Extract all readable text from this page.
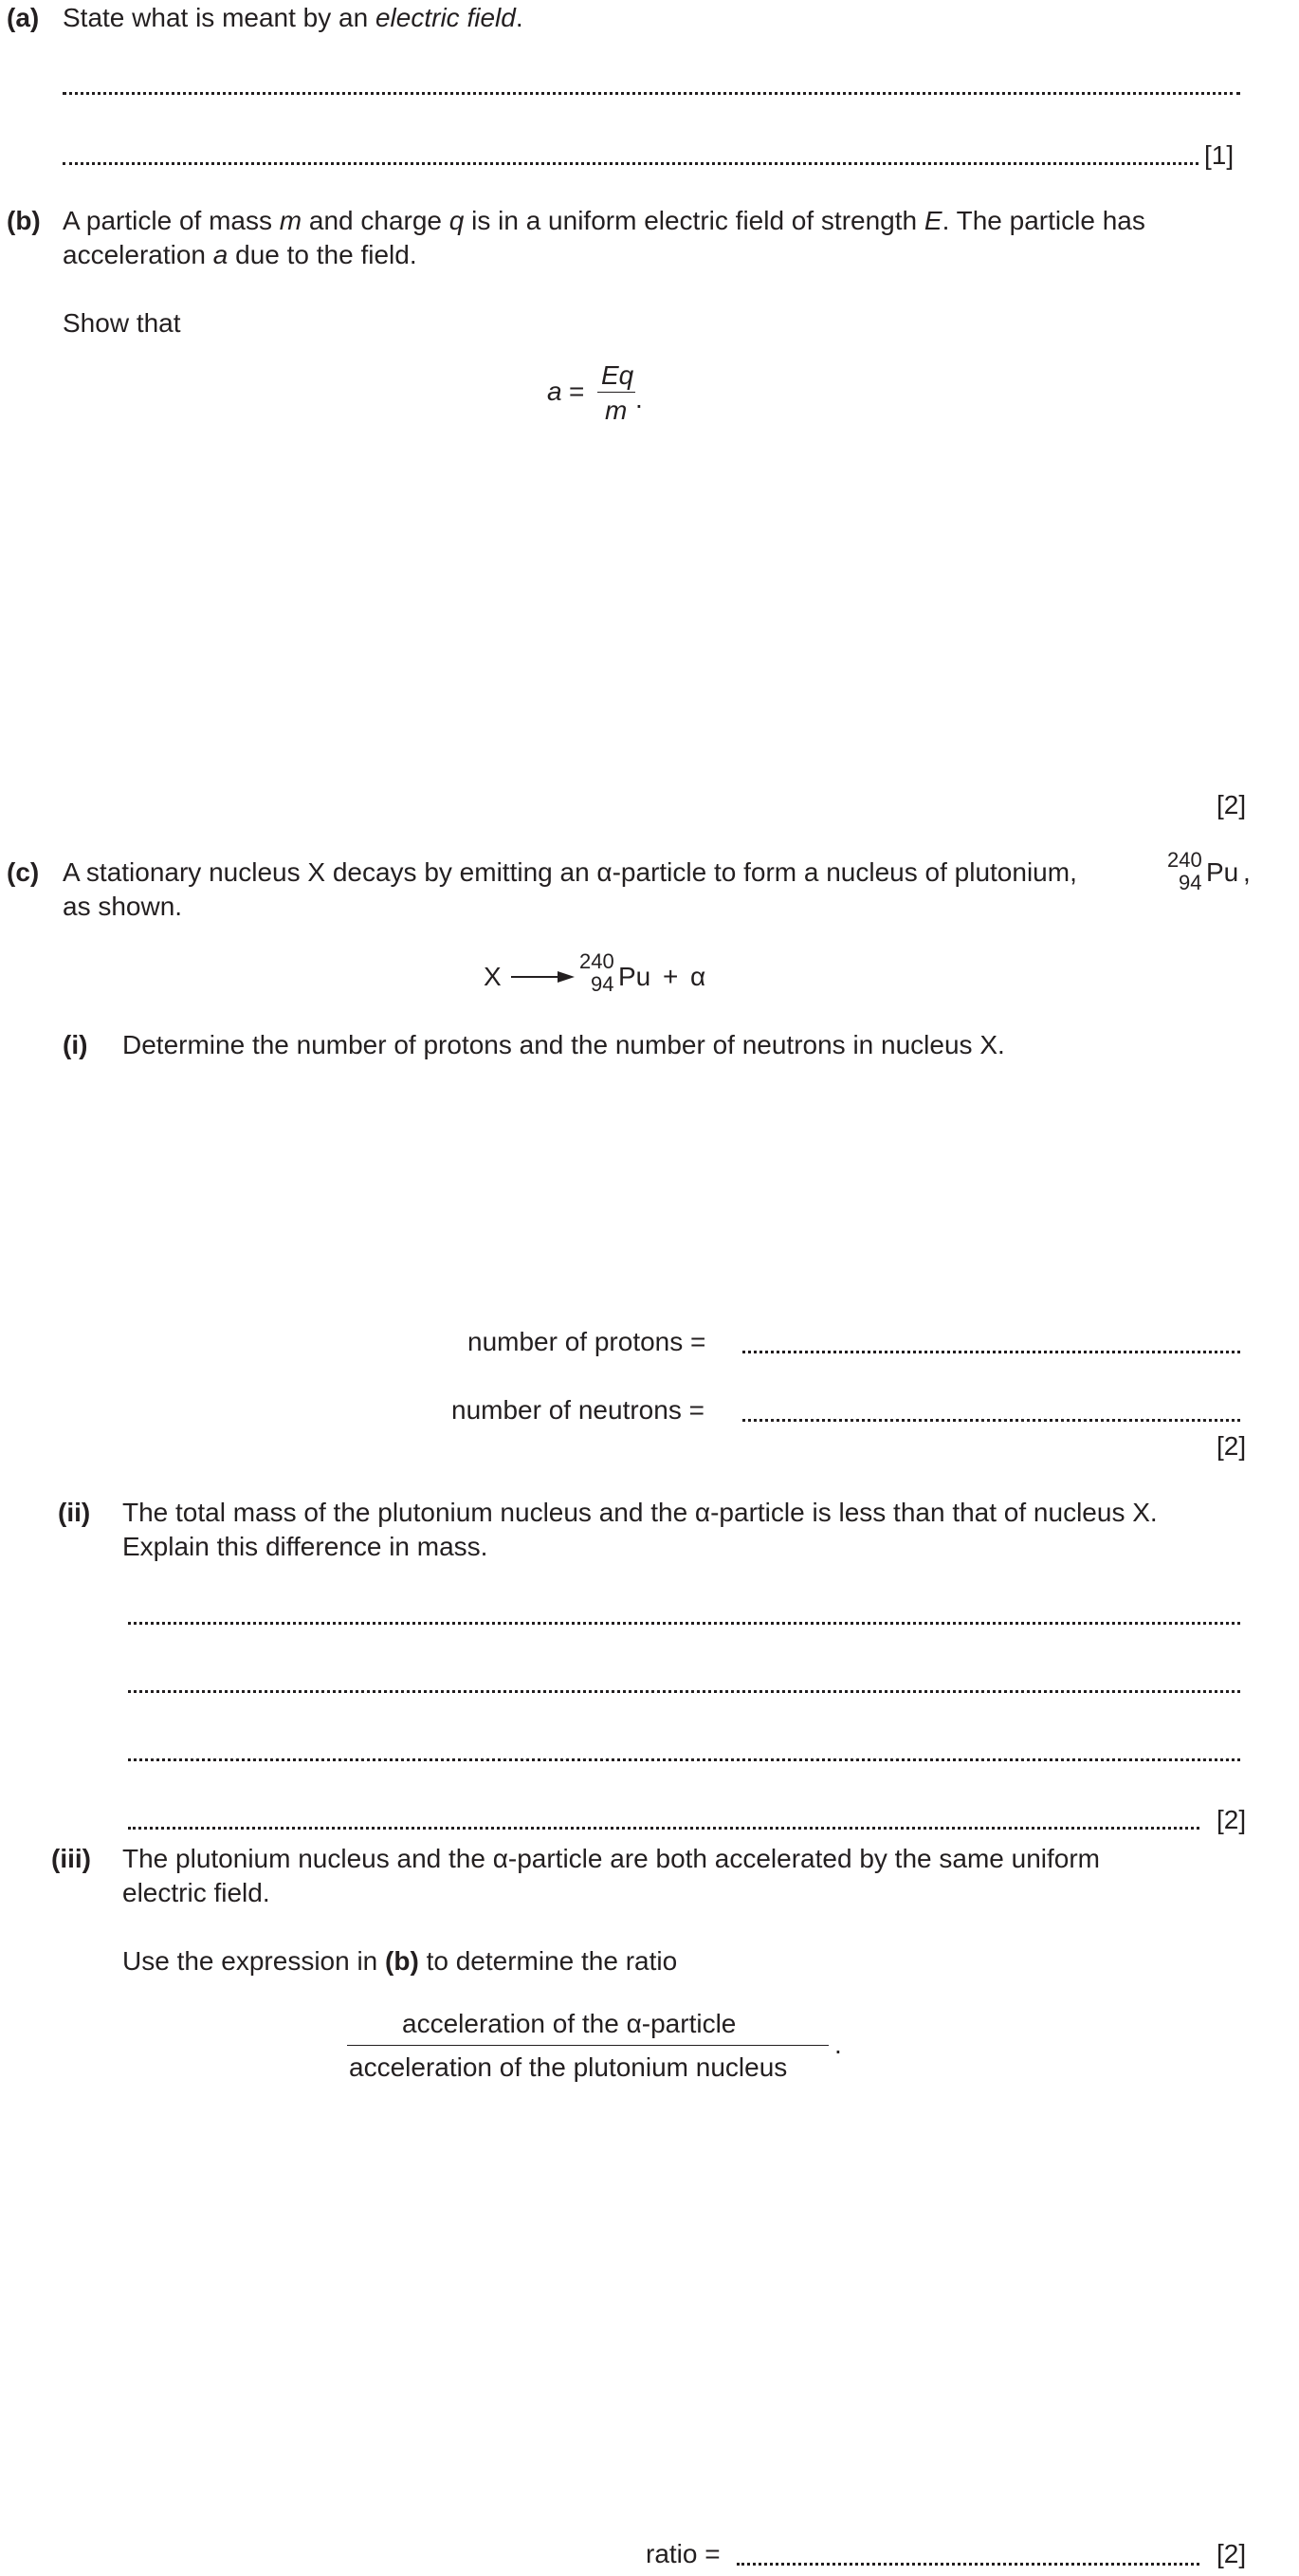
(a) State what is meant by an electric field.
[1]
(b) A particle of mass m and charge q is in a uniform electric field of strength E. The particle has
acceleration a due to the field.
Show that
a =
Eq
m .
[2]
(c) A stationary nucleus X decays by emitting an α-particle to form a nucleus of plutonium,	240
94 Pu ,
as shown.
X
240
94 Pu + α
(i) Determine the number of protons and the number of neutrons in nucleus X.
number of protons =
number of neutrons =
[2]
(ii) The total mass of the plutonium nucleus and the α-particle is less than that of nucleus X.
Explain this difference in mass.
[2]
(iii) The plutonium nucleus and the α-particle are both accelerated by the same uniform
electric field.
Use the expression in (b) to determine the ratio
acceleration of the α-particle
acceleration of the plutonium nucleus
.
ratio =	[2]
